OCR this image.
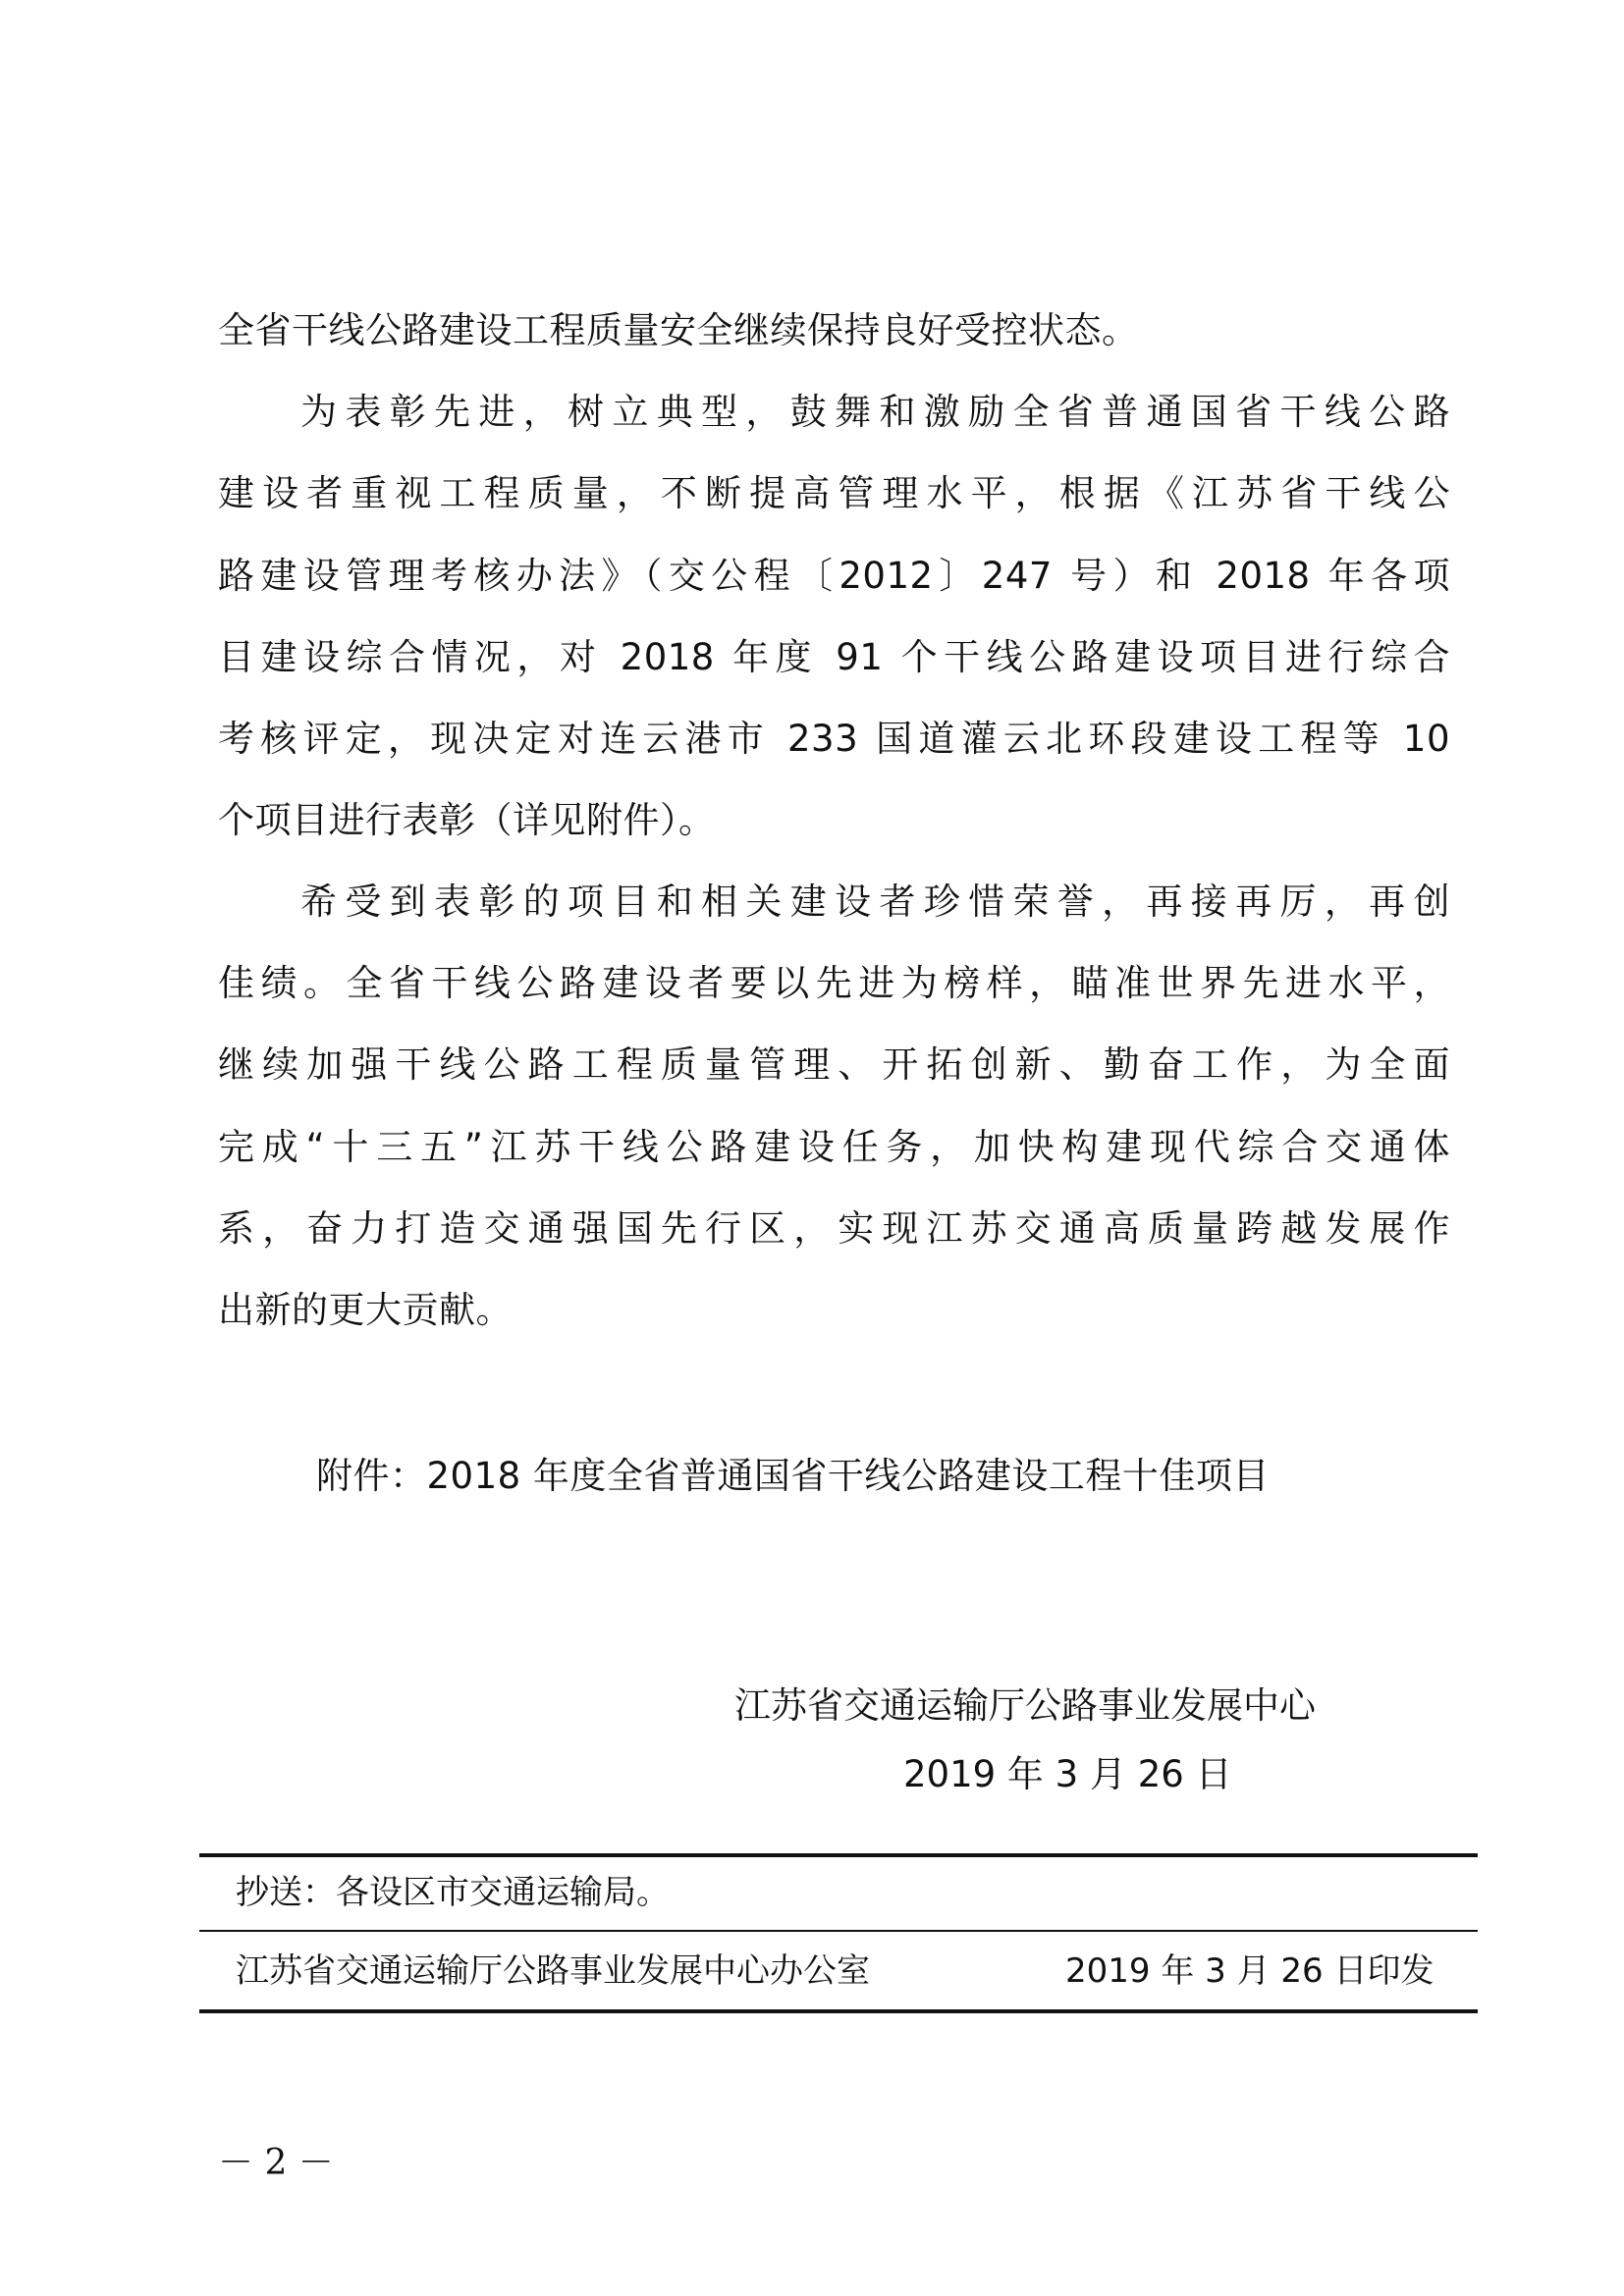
全省干线公路建设工程质量安全继续保持良好受控状态。
为表彰先进，树立典型，鼓舞和激励全省普通国省干线公路
建设者重视工程质量，不断提高管理水平，根据《江苏省干线公
路建设管理考核办法》（交公程〔2012〕247 号）和 2018 年各项
目建设综合情况，对 2018 年度 91 个干线公路建设项目进行综合
考核评定，现决定对连云港市 233 国道灌云北环段建设工程等 10
个项目进行表彰（详见附件）。
希受到表彰的项目和相关建设者珍惜荣誉，再接再厉，再创
佳绩。全省干线公路建设者要以先进为榜样，瞄准世界先进水平，
继续加强干线公路工程质量管理、开拓创新、勤奋工作，为全面
完成“十三五”江苏干线公路建设任务，加快构建现代综合交通体
系，奋力打造交通强国先行区，实现江苏交通高质量跨越发展作
出新的更大贡献。
附件：2018 年度全省普通国省干线公路建设工程十佳项目
江苏省交通运输厅公路事业发展中心
2019 年 3 月 26 日
抄送：各设区市交通运输局。
江苏省交通运输厅公路事业发展中心办公室	2019 年 3 月 26 日印发
－ 2 －
